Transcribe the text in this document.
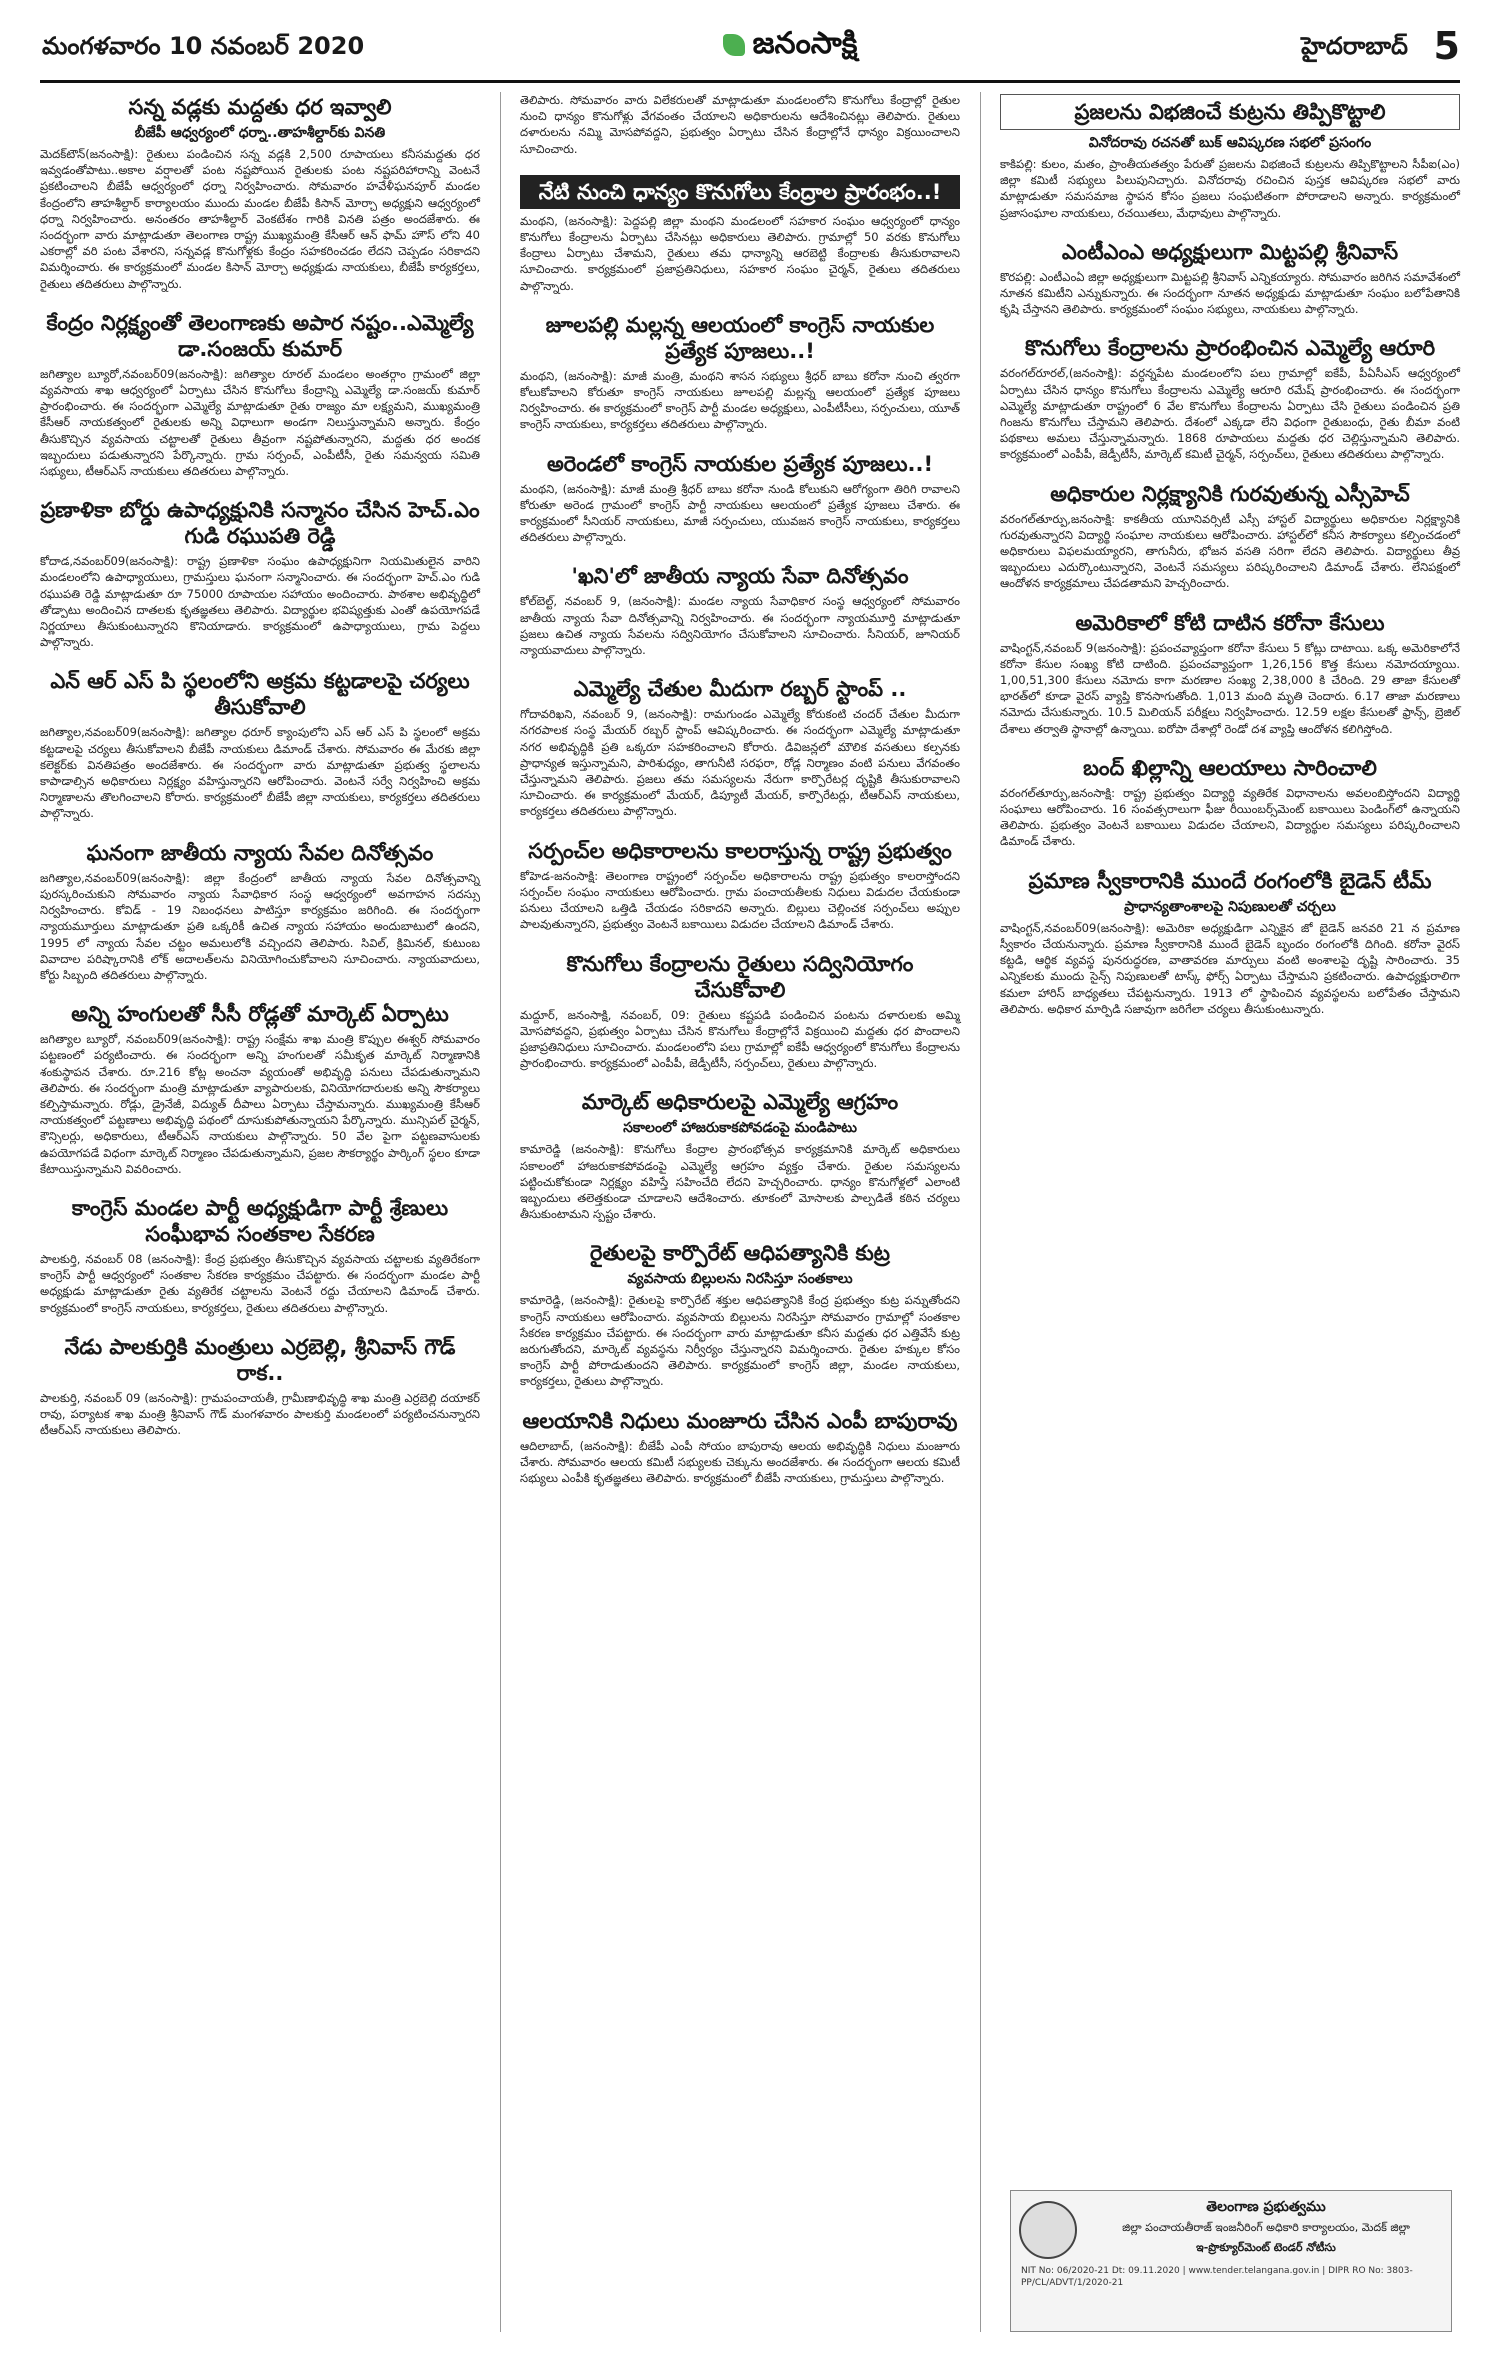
మంగళవారం 10 నవంబర్ 2020	జనంసాక్షి	హైదరాబాద్ 5
సన్న వడ్లకు మద్దతు ధర ఇవ్వాలి
బీజేపీ ఆధ్వర్యంలో ధర్నా..తాహశీల్దార్‌కు వినతి
మెదక్‌టౌన్(జనంసాక్షి): రైతులు పండించిన సన్న వడ్లకి 2,500 రూపాయలు కనీసమద్దతు ధర ఇవ్వడంతోపాటు..అకాల వర్షాలతో పంట నష్టపోయిన రైతులకు పంట నష్టపరిహారాన్ని వెంటనే ప్రకటించాలని బీజేపీ ఆధ్వర్యంలో ధర్నా నిర్వహించారు. సోమవారం హవేళీఘనపూర్ మండల కేంద్రంలోని తాహశీల్దార్ కార్యాలయం ముందు మండల బీజేపీ కిసాన్ మోర్చా అధ్యక్షుని ఆధ్వర్యంలో ధర్నా నిర్వహించారు. అనంతరం తాహశీల్దార్ వెంకటేశం గారికి వినతి పత్రం అందజేశారు. ఈ సందర్భంగా వారు మాట్లాడుతూ తెలంగాణ రాష్ట్ర ముఖ్యమంత్రి కేసీఆర్ ఆన్ ఫామ్ హౌస్ లోని 40 ఎకరాల్లో వరి పంట వేశారని, సన్నవడ్ల కొనుగోళ్లకు కేంద్రం సహకరించడం లేదని చెప్పడం సరికాదని విమర్శించారు. ఈ కార్యక్రమంలో మండల కిసాన్ మోర్చా అధ్యక్షుడు నాయకులు, బీజేపీ కార్యకర్తలు, రైతులు తదితరులు పాల్గొన్నారు.
కేంద్రం నిర్లక్ష్యంతో తెలంగాణకు అపార నష్టం..ఎమ్మెల్యే డా.సంజయ్ కుమార్
జగిత్యాల బ్యూరో,నవంబర్09(జనంసాక్షి): జగిత్యాల రూరల్ మండలం అంతర్గాం గ్రామంలో జిల్లా వ్యవసాయ శాఖ ఆధ్వర్యంలో ఏర్పాటు చేసిన కొనుగోలు కేంద్రాన్ని ఎమ్మెల్యే డా.సంజయ్ కుమార్ ప్రారంభించారు. ఈ సందర్భంగా ఎమ్మెల్యే మాట్లాడుతూ రైతు రాజ్యం మా లక్ష్యమని, ముఖ్యమంత్రి కేసీఆర్ నాయకత్వంలో రైతులకు అన్ని విధాలుగా అండగా నిలుస్తున్నామని అన్నారు. కేంద్రం తీసుకొచ్చిన వ్యవసాయ చట్టాలతో రైతులు తీవ్రంగా నష్టపోతున్నారని, మద్దతు ధర అందక ఇబ్బందులు పడుతున్నారని పేర్కొన్నారు. గ్రామ సర్పంచ్, ఎంపీటీసీ, రైతు సమన్వయ సమితి సభ్యులు, టీఆర్ఎస్ నాయకులు తదితరులు పాల్గొన్నారు.
ప్రణాళికా బోర్డు ఉపాధ్యక్షునికి సన్మానం చేసిన హెచ్.ఎం గుడి రఘుపతి రెడ్డి
కోదాడ,నవంబర్09(జనంసాక్షి): రాష్ట్ర ప్రణాళికా సంఘం ఉపాధ్యక్షునిగా నియమితులైన వారిని మండలంలోని ఉపాధ్యాయులు, గ్రామస్తులు ఘనంగా సన్మానించారు. ఈ సందర్భంగా హెచ్.ఎం గుడి రఘుపతి రెడ్డి మాట్లాడుతూ రూ 75000 రూపాయల సహాయం అందించారు. పాఠశాల అభివృద్ధిలో తోడ్పాటు అందించిన దాతలకు కృతజ్ఞతలు తెలిపారు. విద్యార్థుల భవిష్యత్తుకు ఎంతో ఉపయోగపడే నిర్ణయాలు తీసుకుంటున్నారని కొనియాడారు. కార్యక్రమంలో ఉపాధ్యాయులు, గ్రామ పెద్దలు పాల్గొన్నారు.
ఎన్ ఆర్ ఎస్ పి స్థలంలోని అక్రమ కట్టడాలపై చర్యలు తీసుకోవాలి
జగిత్యాల,నవంబర్09(జనంసాక్షి): జగిత్యాల ధరూర్ క్యాంపులోని ఎస్ ఆర్ ఎస్ పి స్థలంలో అక్రమ కట్టడాలపై చర్యలు తీసుకోవాలని బీజేపీ నాయకులు డిమాండ్ చేశారు. సోమవారం ఈ మేరకు జిల్లా కలెక్టర్‌కు వినతిపత్రం అందజేశారు. ఈ సందర్భంగా వారు మాట్లాడుతూ ప్రభుత్వ స్థలాలను కాపాడాల్సిన అధికారులు నిర్లక్ష్యం వహిస్తున్నారని ఆరోపించారు. వెంటనే సర్వే నిర్వహించి అక్రమ నిర్మాణాలను తొలగించాలని కోరారు. కార్యక్రమంలో బీజేపీ జిల్లా నాయకులు, కార్యకర్తలు తదితరులు పాల్గొన్నారు.
ఘనంగా జాతీయ న్యాయ సేవల దినోత్సవం
జగిత్యాల,నవంబర్09(జనంసాక్షి): జిల్లా కేంద్రంలో జాతీయ న్యాయ సేవల దినోత్సవాన్ని పురస్కరించుకుని సోమవారం న్యాయ సేవాధికార సంస్థ ఆధ్వర్యంలో అవగాహన సదస్సు నిర్వహించారు. కోవిడ్ - 19 నిబంధనలు పాటిస్తూ కార్యక్రమం జరిగింది. ఈ సందర్భంగా న్యాయమూర్తులు మాట్లాడుతూ ప్రతి ఒక్కరికీ ఉచిత న్యాయ సహాయం అందుబాటులో ఉందని, 1995 లో న్యాయ సేవల చట్టం అమలులోకి వచ్చిందని తెలిపారు. సివిల్, క్రిమినల్, కుటుంబ వివాదాల పరిష్కారానికి లోక్ అదాలత్‌లను వినియోగించుకోవాలని సూచించారు. న్యాయవాదులు, కోర్టు సిబ్బంది తదితరులు పాల్గొన్నారు.
అన్ని హంగులతో సీసీ రోడ్లతో మార్కెట్ ఏర్పాటు
జగిత్యాల బ్యూరో, నవంబర్09(జనంసాక్షి): రాష్ట్ర సంక్షేమ శాఖ మంత్రి కొప్పుల ఈశ్వర్ సోమవారం పట్టణంలో పర్యటించారు. ఈ సందర్భంగా అన్ని హంగులతో సమీకృత మార్కెట్ నిర్మాణానికి శంకుస్థాపన చేశారు. రూ.216 కోట్ల అంచనా వ్యయంతో అభివృద్ధి పనులు చేపడుతున్నామని తెలిపారు. ఈ సందర్భంగా మంత్రి మాట్లాడుతూ వ్యాపారులకు, వినియోగదారులకు అన్ని సౌకర్యాలు కల్పిస్తామన్నారు. రోడ్లు, డ్రైనేజీ, విద్యుత్ దీపాలు ఏర్పాటు చేస్తామన్నారు. ముఖ్యమంత్రి కేసీఆర్ నాయకత్వంలో పట్టణాలు అభివృద్ధి పథంలో దూసుకుపోతున్నాయని పేర్కొన్నారు. మున్సిపల్ చైర్మన్, కౌన్సిలర్లు, అధికారులు, టీఆర్ఎస్ నాయకులు పాల్గొన్నారు. 50 వేల పైగా పట్టణవాసులకు ఉపయోగపడే విధంగా మార్కెట్ నిర్మాణం చేపడుతున్నామని, ప్రజల సౌకర్యార్థం పార్కింగ్ స్థలం కూడా కేటాయిస్తున్నామని వివరించారు.
కాంగ్రెస్ మండల పార్టీ అధ్యక్షుడిగా పార్టీ శ్రేణులు సంఘీభావ సంతకాల సేకరణ
పాలకుర్తి, నవంబర్ 08 (జనంసాక్షి): కేంద్ర ప్రభుత్వం తీసుకొచ్చిన వ్యవసాయ చట్టాలకు వ్యతిరేకంగా కాంగ్రెస్ పార్టీ ఆధ్వర్యంలో సంతకాల సేకరణ కార్యక్రమం చేపట్టారు. ఈ సందర్భంగా మండల పార్టీ అధ్యక్షుడు మాట్లాడుతూ రైతు వ్యతిరేక చట్టాలను వెంటనే రద్దు చేయాలని డిమాండ్ చేశారు. కార్యక్రమంలో కాంగ్రెస్ నాయకులు, కార్యకర్తలు, రైతులు తదితరులు పాల్గొన్నారు.
నేడు పాలకుర్తికి మంత్రులు ఎర్రబెల్లి, శ్రీనివాస్ గౌడ్ రాక..
పాలకుర్తి, నవంబర్ 09 (జనంసాక్షి): గ్రామపంచాయతీ, గ్రామీణాభివృద్ధి శాఖ మంత్రి ఎర్రబెల్లి దయాకర్ రావు, పర్యాటక శాఖ మంత్రి శ్రీనివాస్ గౌడ్ మంగళవారం పాలకుర్తి మండలంలో పర్యటించనున్నారని టీఆర్ఎస్ నాయకులు తెలిపారు.
తెలిపారు. సోమవారం వారు విలేకరులతో మాట్లాడుతూ మండలంలోని కొనుగోలు కేంద్రాల్లో రైతుల నుంచి ధాన్యం కొనుగోళ్లు వేగవంతం చేయాలని అధికారులను ఆదేశించినట్లు తెలిపారు. రైతులు దళారులను నమ్మి మోసపోవద్దని, ప్రభుత్వం ఏర్పాటు చేసిన కేంద్రాల్లోనే ధాన్యం విక్రయించాలని సూచించారు.
నేటి నుంచి ధాన్యం కొనుగోలు కేంద్రాల ప్రారంభం..!
మంథని, (జనంసాక్షి): పెద్దపల్లి జిల్లా మంథని మండలంలో సహకార సంఘం ఆధ్వర్యంలో ధాన్యం కొనుగోలు కేంద్రాలను ఏర్పాటు చేసినట్లు అధికారులు తెలిపారు. గ్రామాల్లో 50 వరకు కొనుగోలు కేంద్రాలు ఏర్పాటు చేశామని, రైతులు తమ ధాన్యాన్ని ఆరబెట్టి కేంద్రాలకు తీసుకురావాలని సూచించారు. కార్యక్రమంలో ప్రజాప్రతినిధులు, సహకార సంఘం చైర్మన్, రైతులు తదితరులు పాల్గొన్నారు.
జూలపల్లి మల్లన్న ఆలయంలో కాంగ్రెస్ నాయకుల ప్రత్యేక పూజలు..!
మంథని, (జనంసాక్షి): మాజీ మంత్రి, మంథని శాసన సభ్యులు శ్రీధర్ బాబు కరోనా నుంచి త్వరగా కోలుకోవాలని కోరుతూ కాంగ్రెస్ నాయకులు జూలపల్లి మల్లన్న ఆలయంలో ప్రత్యేక పూజలు నిర్వహించారు. ఈ కార్యక్రమంలో కాంగ్రెస్ పార్టీ మండల అధ్యక్షులు, ఎంపీటీసీలు, సర్పంచులు, యూత్ కాంగ్రెస్ నాయకులు, కార్యకర్తలు తదితరులు పాల్గొన్నారు.
అరెండలో కాంగ్రెస్ నాయకుల ప్రత్యేక పూజలు..!
మంథని, (జనంసాక్షి): మాజీ మంత్రి శ్రీధర్ బాబు కరోనా నుండి కోలుకుని ఆరోగ్యంగా తిరిగి రావాలని కోరుతూ అరెండ గ్రామంలో కాంగ్రెస్ పార్టీ నాయకులు ఆలయంలో ప్రత్యేక పూజలు చేశారు. ఈ కార్యక్రమంలో సీనియర్ నాయకులు, మాజీ సర్పంచులు, యువజన కాంగ్రెస్ నాయకులు, కార్యకర్తలు తదితరులు పాల్గొన్నారు.
'ఖని'లో జాతీయ న్యాయ సేవా దినోత్సవం
కోల్‌బెల్ట్, నవంబర్ 9, (జనంసాక్షి): మండల న్యాయ సేవాధికార సంస్థ ఆధ్వర్యంలో సోమవారం జాతీయ న్యాయ సేవా దినోత్సవాన్ని నిర్వహించారు. ఈ సందర్భంగా న్యాయమూర్తి మాట్లాడుతూ ప్రజలు ఉచిత న్యాయ సేవలను సద్వినియోగం చేసుకోవాలని సూచించారు. సీనియర్, జూనియర్ న్యాయవాదులు పాల్గొన్నారు.
ఎమ్మెల్యే చేతుల మీదుగా రబ్బర్ స్టాంప్ ..
గోదావరిఖని, నవంబర్ 9, (జనంసాక్షి): రామగుండం ఎమ్మెల్యే కోరుకంటి చందర్ చేతుల మీదుగా నగరపాలక సంస్థ మేయర్ రబ్బర్ స్టాంప్ ఆవిష్కరించారు. ఈ సందర్భంగా ఎమ్మెల్యే మాట్లాడుతూ నగర అభివృద్ధికి ప్రతి ఒక్కరూ సహకరించాలని కోరారు. డివిజన్లలో మౌలిక వసతులు కల్పనకు ప్రాధాన్యత ఇస్తున్నామని, పారిశుధ్యం, తాగునీటి సరఫరా, రోడ్ల నిర్మాణం వంటి పనులు వేగవంతం చేస్తున్నామని తెలిపారు. ప్రజలు తమ సమస్యలను నేరుగా కార్పొరేటర్ల దృష్టికి తీసుకురావాలని సూచించారు. ఈ కార్యక్రమంలో మేయర్, డిప్యూటీ మేయర్, కార్పొరేటర్లు, టీఆర్ఎస్ నాయకులు, కార్యకర్తలు తదితరులు పాల్గొన్నారు.
సర్పంచ్‌ల అధికారాలను కాలరాస్తున్న రాష్ట్ర ప్రభుత్వం
కోహెడ-జనంసాక్షి: తెలంగాణ రాష్ట్రంలో సర్పంచ్‌ల అధికారాలను రాష్ట్ర ప్రభుత్వం కాలరాస్తోందని సర్పంచ్‌ల సంఘం నాయకులు ఆరోపించారు. గ్రామ పంచాయతీలకు నిధులు విడుదల చేయకుండా పనులు చేయాలని ఒత్తిడి చేయడం సరికాదని అన్నారు. బిల్లులు చెల్లించక సర్పంచ్‌లు అప్పుల పాలవుతున్నారని, ప్రభుత్వం వెంటనే బకాయిలు విడుదల చేయాలని డిమాండ్ చేశారు.
కొనుగోలు కేంద్రాలను రైతులు సద్వినియోగం చేసుకోవాలి
మద్దూర్, జనంసాక్షి, నవంబర్, 09: రైతులు కష్టపడి పండించిన పంటను దళారులకు అమ్మి మోసపోవద్దని, ప్రభుత్వం ఏర్పాటు చేసిన కొనుగోలు కేంద్రాల్లోనే విక్రయించి మద్దతు ధర పొందాలని ప్రజాప్రతినిధులు సూచించారు. మండలంలోని పలు గ్రామాల్లో ఐకేపీ ఆధ్వర్యంలో కొనుగోలు కేంద్రాలను ప్రారంభించారు. కార్యక్రమంలో ఎంపీపీ, జెడ్పీటీసీ, సర్పంచ్‌లు, రైతులు పాల్గొన్నారు.
మార్కెట్ అధికారులపై ఎమ్మెల్యే ఆగ్రహం
సకాలంలో హాజరుకాకపోవడంపై మండిపాటు
కామారెడ్డి (జనంసాక్షి): కొనుగోలు కేంద్రాల ప్రారంభోత్సవ కార్యక్రమానికి మార్కెట్ అధికారులు సకాలంలో హాజరుకాకపోవడంపై ఎమ్మెల్యే ఆగ్రహం వ్యక్తం చేశారు. రైతుల సమస్యలను పట్టించుకోకుండా నిర్లక్ష్యం వహిస్తే సహించేది లేదని హెచ్చరించారు. ధాన్యం కొనుగోళ్లలో ఎలాంటి ఇబ్బందులు తలెత్తకుండా చూడాలని ఆదేశించారు. తూకంలో మోసాలకు పాల్పడితే కఠిన చర్యలు తీసుకుంటామని స్పష్టం చేశారు.
రైతులపై కార్పొరేట్ ఆధిపత్యానికి కుట్ర
వ్యవసాయ బిల్లులను నిరసిస్తూ సంతకాలు
కామారెడ్డి, (జనంసాక్షి): రైతులపై కార్పొరేట్ శక్తుల ఆధిపత్యానికి కేంద్ర ప్రభుత్వం కుట్ర పన్నుతోందని కాంగ్రెస్ నాయకులు ఆరోపించారు. వ్యవసాయ బిల్లులను నిరసిస్తూ సోమవారం గ్రామాల్లో సంతకాల సేకరణ కార్యక్రమం చేపట్టారు. ఈ సందర్భంగా వారు మాట్లాడుతూ కనీస మద్దతు ధర ఎత్తివేసే కుట్ర జరుగుతోందని, మార్కెట్ వ్యవస్థను నిర్వీర్యం చేస్తున్నారని విమర్శించారు. రైతుల హక్కుల కోసం కాంగ్రెస్ పార్టీ పోరాడుతుందని తెలిపారు. కార్యక్రమంలో కాంగ్రెస్ జిల్లా, మండల నాయకులు, కార్యకర్తలు, రైతులు పాల్గొన్నారు.
ఆలయానికి నిధులు మంజూరు చేసిన ఎంపీ బాపురావు
ఆదిలాబాద్, (జనంసాక్షి): బీజేపీ ఎంపీ సోయం బాపురావు ఆలయ అభివృద్ధికి నిధులు మంజూరు చేశారు. సోమవారం ఆలయ కమిటీ సభ్యులకు చెక్కును అందజేశారు. ఈ సందర్భంగా ఆలయ కమిటీ సభ్యులు ఎంపీకి కృతజ్ఞతలు తెలిపారు. కార్యక్రమంలో బీజేపీ నాయకులు, గ్రామస్తులు పాల్గొన్నారు.
ప్రజలను విభజించే కుట్రను తిప్పికొట్టాలి
వినోదరావు రచనతో బుక్ ఆవిష్కరణ సభలో ప్రసంగం
కాకిపల్లి: కులం, మతం, ప్రాంతీయతత్వం పేరుతో ప్రజలను విభజించే కుట్రలను తిప్పికొట్టాలని సీపీఐ(ఎం) జిల్లా కమిటీ సభ్యులు పిలుపునిచ్చారు. వినోదరావు రచించిన పుస్తక ఆవిష్కరణ సభలో వారు మాట్లాడుతూ సమసమాజ స్థాపన కోసం ప్రజలు సంఘటితంగా పోరాడాలని అన్నారు. కార్యక్రమంలో ప్రజాసంఘాల నాయకులు, రచయితలు, మేధావులు పాల్గొన్నారు.
ఎంటీఎంఎ అధ్యక్షులుగా మిట్టపల్లి శ్రీనివాస్
కొరపల్లి: ఎంటీఎంఏ జిల్లా అధ్యక్షులుగా మిట్టపల్లి శ్రీనివాస్ ఎన్నికయ్యారు. సోమవారం జరిగిన సమావేశంలో నూతన కమిటీని ఎన్నుకున్నారు. ఈ సందర్భంగా నూతన అధ్యక్షుడు మాట్లాడుతూ సంఘం బలోపేతానికి కృషి చేస్తానని తెలిపారు. కార్యక్రమంలో సంఘం సభ్యులు, నాయకులు పాల్గొన్నారు.
కొనుగోలు కేంద్రాలను ప్రారంభించిన ఎమ్మెల్యే ఆరూరి
వరంగల్‌రూరల్,(జనంసాక్షి): వర్ధన్నపేట మండలంలోని పలు గ్రామాల్లో ఐకేపీ, పీఏసీఎస్ ఆధ్వర్యంలో ఏర్పాటు చేసిన ధాన్యం కొనుగోలు కేంద్రాలను ఎమ్మెల్యే ఆరూరి రమేష్ ప్రారంభించారు. ఈ సందర్భంగా ఎమ్మెల్యే మాట్లాడుతూ రాష్ట్రంలో 6 వేల కొనుగోలు కేంద్రాలను ఏర్పాటు చేసి రైతులు పండించిన ప్రతి గింజను కొనుగోలు చేస్తామని తెలిపారు. దేశంలో ఎక్కడా లేని విధంగా రైతుబంధు, రైతు బీమా వంటి పథకాలు అమలు చేస్తున్నామన్నారు. 1868 రూపాయలు మద్దతు ధర చెల్లిస్తున్నామని తెలిపారు. కార్యక్రమంలో ఎంపీపీ, జెడ్పీటీసీ, మార్కెట్ కమిటీ చైర్మన్, సర్పంచ్‌లు, రైతులు తదితరులు పాల్గొన్నారు.
అధికారుల నిర్లక్ష్యానికి గురవుతున్న ఎస్సీహెచ్
వరంగల్‌తూర్పు,జనంసాక్షి: కాకతీయ యూనివర్సిటీ ఎస్సీ హాస్టల్ విద్యార్థులు అధికారుల నిర్లక్ష్యానికి గురవుతున్నారని విద్యార్థి సంఘాల నాయకులు ఆరోపించారు. హాస్టల్‌లో కనీస సౌకర్యాలు కల్పించడంలో అధికారులు విఫలమయ్యారని, తాగునీరు, భోజన వసతి సరిగా లేదని తెలిపారు. విద్యార్థులు తీవ్ర ఇబ్బందులు ఎదుర్కొంటున్నారని, వెంటనే సమస్యలు పరిష్కరించాలని డిమాండ్ చేశారు. లేనిపక్షంలో ఆందోళన కార్యక్రమాలు చేపడతామని హెచ్చరించారు.
అమెరికాలో కోటి దాటిన కరోనా కేసులు
వాషింగ్టన్,నవంబర్ 9(జనంసాక్షి): ప్రపంచవ్యాప్తంగా కరోనా కేసులు 5 కోట్లు దాటాయి. ఒక్క అమెరికాలోనే కరోనా కేసుల సంఖ్య కోటి దాటింది. ప్రపంచవ్యాప్తంగా 1,26,156 కొత్త కేసులు నమోదయ్యాయి. 1,00,51,300 కేసులు నమోదు కాగా మరణాల సంఖ్య 2,38,000 కి చేరింది. 29 తాజా కేసులతో భారత్‌లో కూడా వైరస్ వ్యాప్తి కొనసాగుతోంది. 1,013 మంది మృతి చెందారు. 6.17 తాజా మరణాలు నమోదు చేసుకున్నారు. 10.5 మిలియన్ పరీక్షలు నిర్వహించారు. 12.59 లక్షల కేసులతో ఫ్రాన్స్, బ్రెజిల్ దేశాలు తర్వాతి స్థానాల్లో ఉన్నాయి. ఐరోపా దేశాల్లో రెండో దశ వ్యాప్తి ఆందోళన కలిగిస్తోంది.
బంద్ ఖిల్లాన్ని ఆలయాలు సారించాలి
వరంగల్‌తూర్పు,జనంసాక్షి: రాష్ట్ర ప్రభుత్వం విద్యార్థి వ్యతిరేక విధానాలను అవలంబిస్తోందని విద్యార్థి సంఘాలు ఆరోపించారు. 16 సంవత్సరాలుగా ఫీజు రీయింబర్స్‌మెంట్ బకాయిలు పెండింగ్‌లో ఉన్నాయని తెలిపారు. ప్రభుత్వం వెంటనే బకాయిలు విడుదల చేయాలని, విద్యార్థుల సమస్యలు పరిష్కరించాలని డిమాండ్ చేశారు.
ప్రమాణ స్వీకారానికి ముందే రంగంలోకి బైడెన్ టీమ్
ప్రాధాన్యతాంశాలపై నిపుణులతో చర్చలు
వాషింగ్టన్,నవంబర్09(జనంసాక్షి): అమెరికా అధ్యక్షుడిగా ఎన్నికైన జో బైడెన్ జనవరి 21 న ప్రమాణ స్వీకారం చేయనున్నారు. ప్రమాణ స్వీకారానికి ముందే బైడెన్ బృందం రంగంలోకి దిగింది. కరోనా వైరస్ కట్టడి, ఆర్థిక వ్యవస్థ పునరుద్ధరణ, వాతావరణ మార్పులు వంటి అంశాలపై దృష్టి సారించారు. 35 ఎన్నికలకు ముందు సైన్స్ నిపుణులతో టాస్క్ ఫోర్స్ ఏర్పాటు చేస్తామని ప్రకటించారు. ఉపాధ్యక్షురాలిగా కమలా హారిస్ బాధ్యతలు చేపట్టనున్నారు. 1913 లో స్థాపించిన వ్యవస్థలను బలోపేతం చేస్తామని తెలిపారు. అధికార మార్పిడి సజావుగా జరిగేలా చర్యలు తీసుకుంటున్నారు.
తెలంగాణ ప్రభుత్వము
జిల్లా పంచాయతీరాజ్ ఇంజనీరింగ్ అధికారి కార్యాలయం, మెదక్ జిల్లా
ఇ-ప్రొక్యూర్‌మెంట్ టెండర్ నోటీసు
NIT No: 06/2020-21 Dt: 09.11.2020 | www.tender.telangana.gov.in | DIPR RO No: 3803-PP/CL/ADVT/1/2020-21
